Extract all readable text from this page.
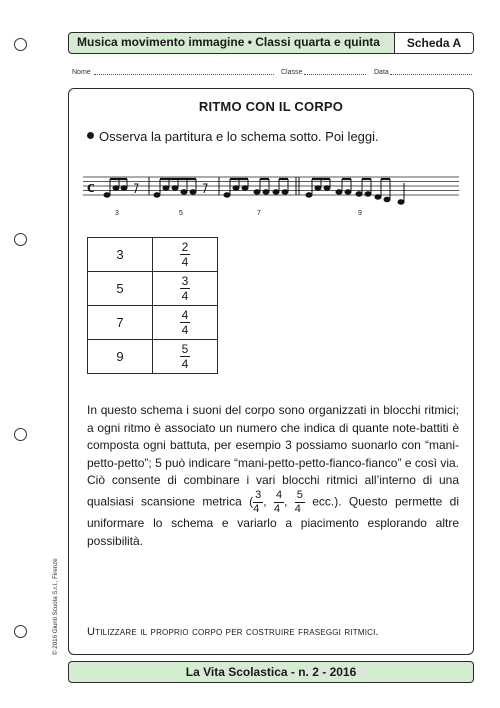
Musica movimento immagine • Classi quarta e quinta	Scheda A
Nome	Classe	Data
RITMO CON IL CORPO
Osserva la partitura e lo schema sotto. Poi leggi.
c
3	5	7	9
3	$\frac{2}{4}$

5	$\frac{3}{4}$

7	$\frac{4}{4}$

9	$\frac{5}{4}$

In questo schema i suoni del corpo sono organizzati in blocchi ritmici; a ogni ritmo è associato un numero che indica di quante note-battiti è composta ogni battuta, per esempio 3 possiamo suonarlo con “mani-petto-petto”; 5 può indicare “mani-petto-petto-fianco-fianco” e così via. Ciò consente di combinare i vari blocchi ritmici all’interno di una qualsiasi scansione metrica ( $\frac{3}{4}$ , $\frac{4}{4}$ , $\frac{5}{4} ecc$.). Questo permette di uniformare lo schema e variarlo a piacimento esplorando altre possibilità.

Utilizzare il proprio corpo per costruire fraseggi ritmici.
La Vita Scolastica - n. 2 - 2016
© 2016 Giunti Scuola S.r.l., Firenze
